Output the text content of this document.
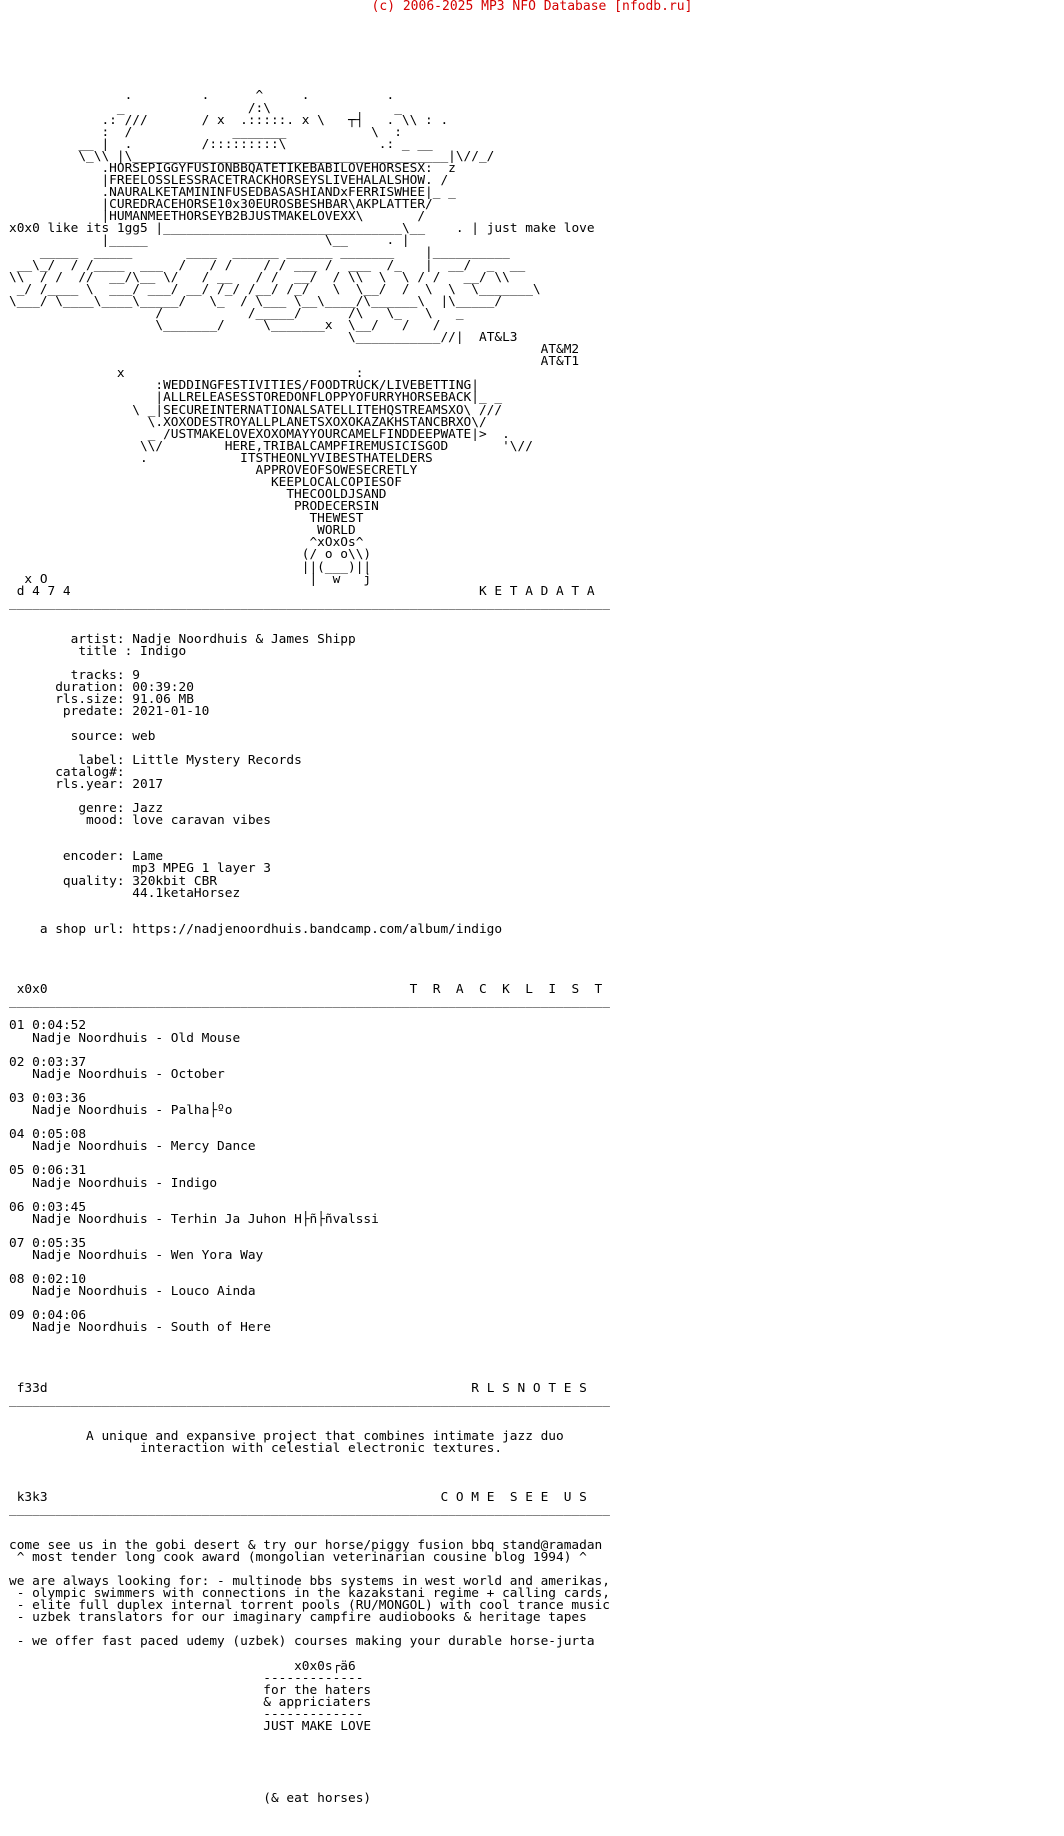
(c) 2006-2025 MP3 NFO Database [nfodb.ru]

.         .      ^     .          .
_                /:\                _
.: ///       / x  .:::::. x \   ┬┤   . \\ : .
:  /             _______           \  :
__ |  .         /:::::::::\            .: _ __
\_\\ |\_________________________________________|\//_/
.HORSEPIGGYFUSIONBBQATETIKEBABILOVEHORSESX:  z
|FREELOSSLESSRACETRACKHORSEYSLIVEHALALSHOW. /
.NAURALKETAMININFUSEDBASASHIANDxFERRISWHEE|_ _
|CUREDRACEHORSE10x30EUROSBESHBAR\AKPLATTER/
|HUMANMEETHORSEYB2BJUSTMAKELOVEXX\       /
x0x0 like its 1gg5 |_______________________________\__    . | just make love
|_____                       \__     . |
_____  _____       ____  ______ ______ _______    |__________
__\_/  / /____  ___  /   / /    / / ___ /  ___  /_   |  __/  _  __
\\  / /  //  __/\__ \/   / __   / /  __/  / \\  \  \ / /   __/ \\
_/ /____ \  ___/ ___/ __/ /_/ /__/ /_/   \  \__/  /  \  \  \_______\
\___/ \____\____\_____/   \_  / \___ \__\____/\______\  |\_____/
/           /_____/      /\   \_   \   _
\_______/     \_______x  \__/   /   /
\___________//| AT&L3
AT&M2
AT&T1
x                              :
:WEDDINGFESTIVITIES/FOODTRUCK/LIVEBETTING|
|ALLRELEASESSTOREDONFLOPPYOFURRYHORSEBACK|_ _
\ _|SECUREINTERNATIONALSATELLITEHQSTREAMSXO\ ///
\.XOXODESTROYALLPLANETSXOXOKAZAKHSTANCBRXO\/
_ /USTMAKELOVEXOXOMAYYOURCAMELFINDDEEPWATE|>  .
\\/        HERE,TRIBALCAMPFIREMUSICISGOD       '\//
.            ITSTHEONLYVIBESTHATELDERS
APPROVEOFSOWESECRETLY
KEEPLOCALCOPIESOF
THECOOLDJSAND
PRODECERSIN
THEWEST
WORLD
^xOxOs^
(/ o o\\)
||(___)||
x O                                  |  w   j
d 4 7 4	K E T A D A T A
______________________________________________________________________________

artist: Nadje Noordhuis & James Shipp
title : Indigo

tracks: 9
duration: 00:39:20
rls.size: 91.06 MB
predate: 2021-01-10

source: web

label: Little Mystery Records
catalog#:
rls.year: 2017

genre: Jazz
mood: love caravan vibes

encoder: Lame
mp3 MPEG 1 layer 3
quality: 320kbit CBR
44.1ketaHorsez

a shop url: https://nadjenoordhuis.bandcamp.com/album/indigo

x0x0	T  R  A  C  K  L  I  S  T
______________________________________________________________________________

01 0:04:52
Nadje Noordhuis - Old Mouse

02 0:03:37
Nadje Noordhuis - October

03 0:03:36
Nadje Noordhuis - Palha├ºo

04 0:05:08
Nadje Noordhuis - Mercy Dance

05 0:06:31
Nadje Noordhuis - Indigo

06 0:03:45
Nadje Noordhuis - Terhin Ja Juhon H├ñ├ñvalssi

07 0:05:35
Nadje Noordhuis - Wen Yora Way

08 0:02:10
Nadje Noordhuis - Louco Ainda

09 0:04:06
Nadje Noordhuis - South of Here

f33d	R L S N O T E S
______________________________________________________________________________

A unique and expansive project that combines intimate jazz duo
interaction with celestial electronic textures.

k3k3	C O M E  S E E  U S
______________________________________________________________________________

come see us in the gobi desert & try our horse/piggy fusion bbq stand@ramadan
^ most tender long cook award (mongolian veterinarian cousine blog 1994) ^

we are always looking for: - multinode bbs systems in west world and amerikas,
- olympic swimmers with connections in the kazakstani regime + calling cards,
- elite full duplex internal torrent pools (RU/MONGOL) with cool trance music
- uzbek translators for our imaginary campfire audiobooks & heritage tapes

- we offer fast paced udemy (uzbek) courses making your durable horse-jurta

x0x0s┌ä6
-------------
for the haters
& appriciaters
-------------
JUST MAKE LOVE

(& eat horses)
